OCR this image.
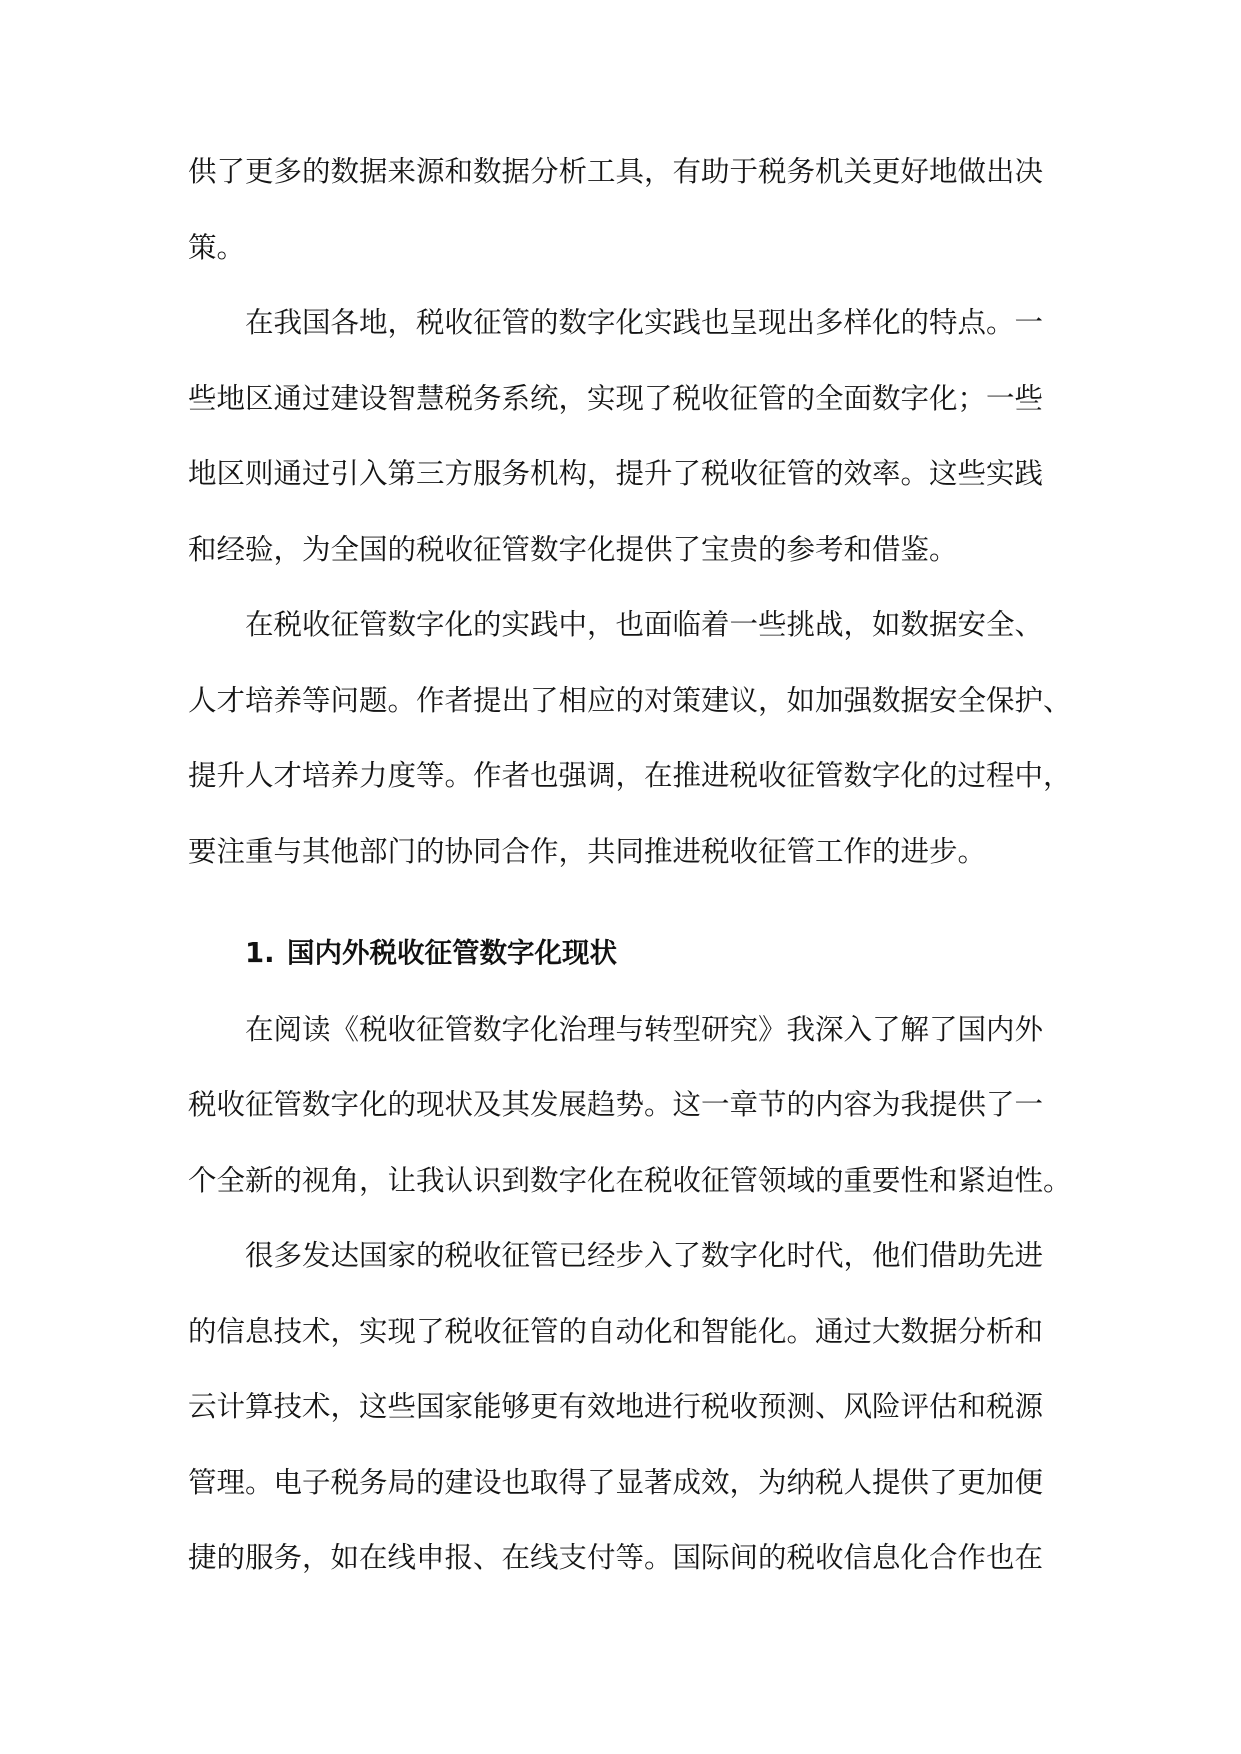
供了更多的数据来源和数据分析工具，有助于税务机关更好地做出决
策。
在我国各地，税收征管的数字化实践也呈现出多样化的特点。一
些地区通过建设智慧税务系统，实现了税收征管的全面数字化；一些
地区则通过引入第三方服务机构，提升了税收征管的效率。这些实践
和经验，为全国的税收征管数字化提供了宝贵的参考和借鉴。
在税收征管数字化的实践中，也面临着一些挑战，如数据安全、
人才培养等问题。作者提出了相应的对策建议，如加强数据安全保护、
提升人才培养力度等。作者也强调，在推进税收征管数字化的过程中，
要注重与其他部门的协同合作，共同推进税收征管工作的进步。
1. 国内外税收征管数字化现状
在阅读《税收征管数字化治理与转型研究》我深入了解了国内外
税收征管数字化的现状及其发展趋势。这一章节的内容为我提供了一
个全新的视角，让我认识到数字化在税收征管领域的重要性和紧迫性。
很多发达国家的税收征管已经步入了数字化时代，他们借助先进
的信息技术，实现了税收征管的自动化和智能化。通过大数据分析和
云计算技术，这些国家能够更有效地进行税收预测、风险评估和税源
管理。电子税务局的建设也取得了显著成效，为纳税人提供了更加便
捷的服务，如在线申报、在线支付等。国际间的税收信息化合作也在
